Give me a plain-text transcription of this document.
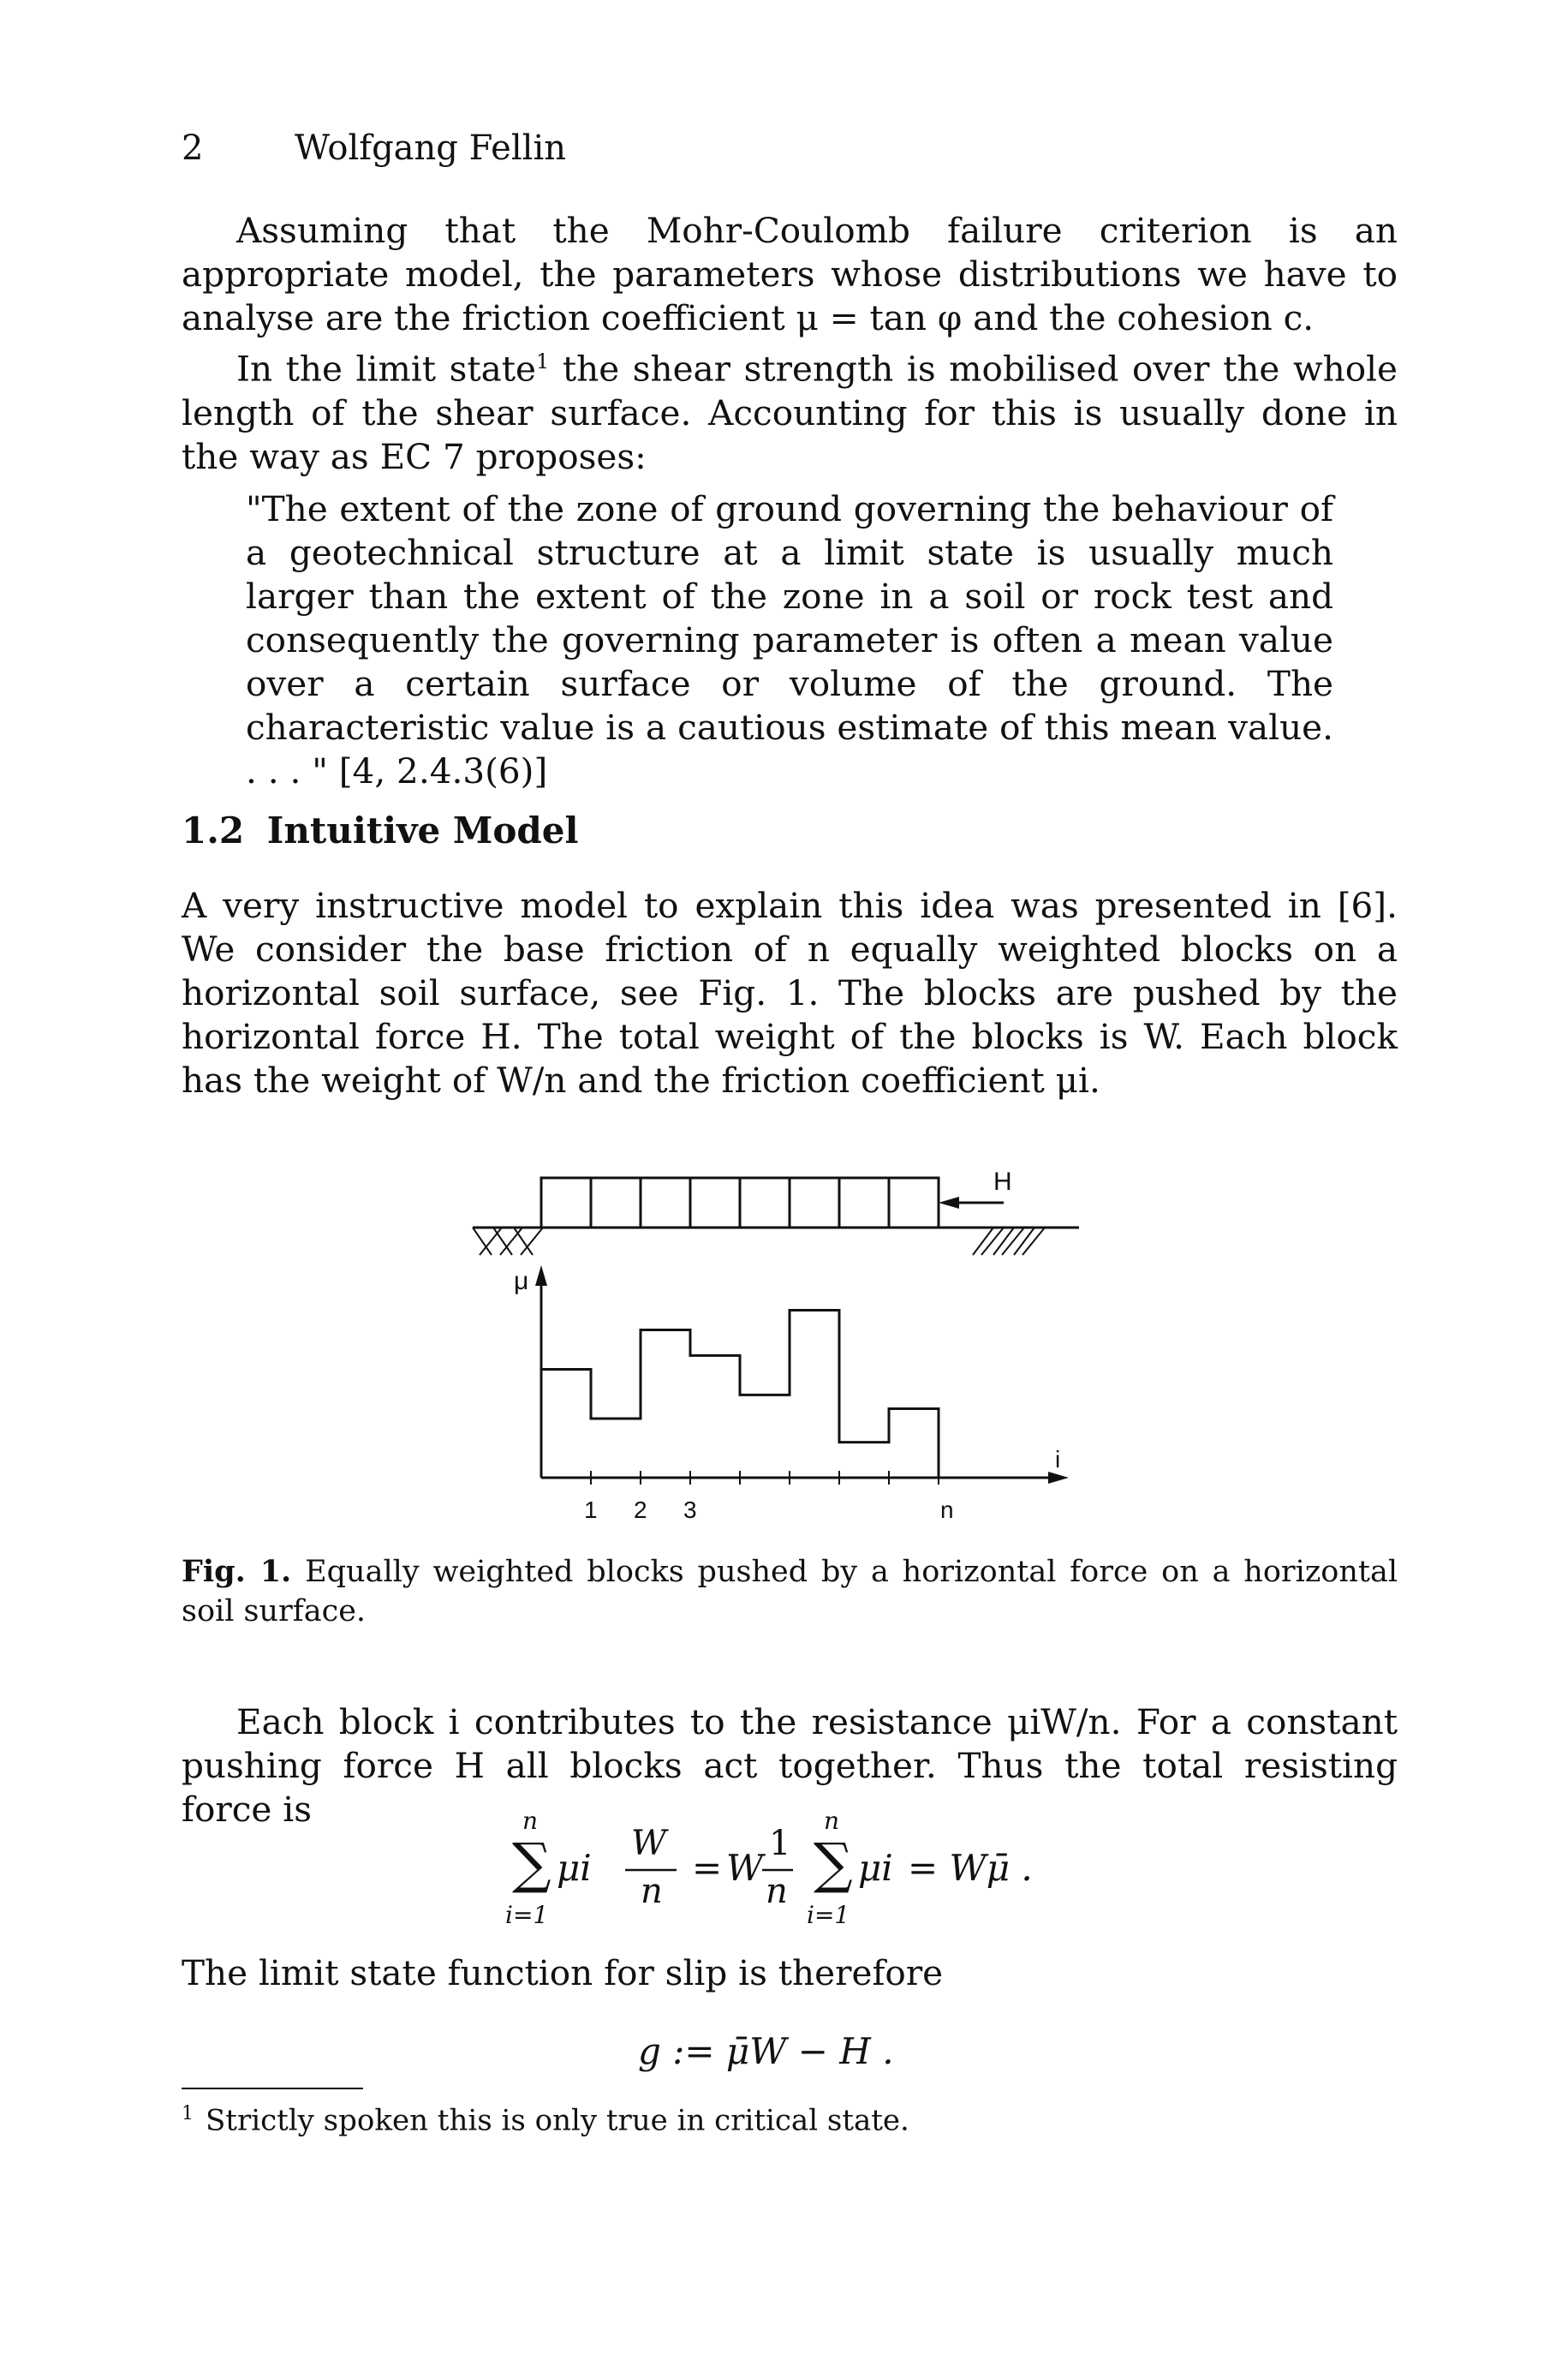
2	Wolfgang Fellin

Assuming that the Mohr-Coulomb failure criterion is an appropriate model, the parameters whose distributions we have to analyse are the friction coefficient μ = tan φ and the cohesion c.

In the limit state$^1$ the shear strength is mobilised over the whole length of the shear surface. Accounting for this is usually done in the way as EC 7 proposes:

"The extent of the zone of ground governing the behaviour of a geotechnical structure at a limit state is usually much larger than the extent of the zone in a soil or rock test and consequently the governing parameter is often a mean value over a certain surface or volume of the ground. The characteristic value is a cautious estimate of this mean value. . . . " [4, 2.4.3(6)]
1.2 Intuitive Model
A very instructive model to explain this idea was presented in [6]. We consider the base friction of n equally weighted blocks on a horizontal soil surface, see Fig. 1. The blocks are pushed by the horizontal force H. The total weight of the blocks is W. Each block has the weight of W/n and the friction coefficient μi.
H
μ
i
1 2 3	n
Fig. 1. Equally weighted blocks pushed by a horizontal force on a horizontal soil surface.

Each block i contributes to the resistance μiW/n. For a constant pushing force H all blocks act together. Thus the total resisting force is	n
∑
i=1
μi
W
n
= W
1
n
n
∑
i=1
μi = Wμ̄ .
The limit state function for slip is therefore
g := μ̄W − H .
$^1$ Strictly spoken this is only true in critical state.
